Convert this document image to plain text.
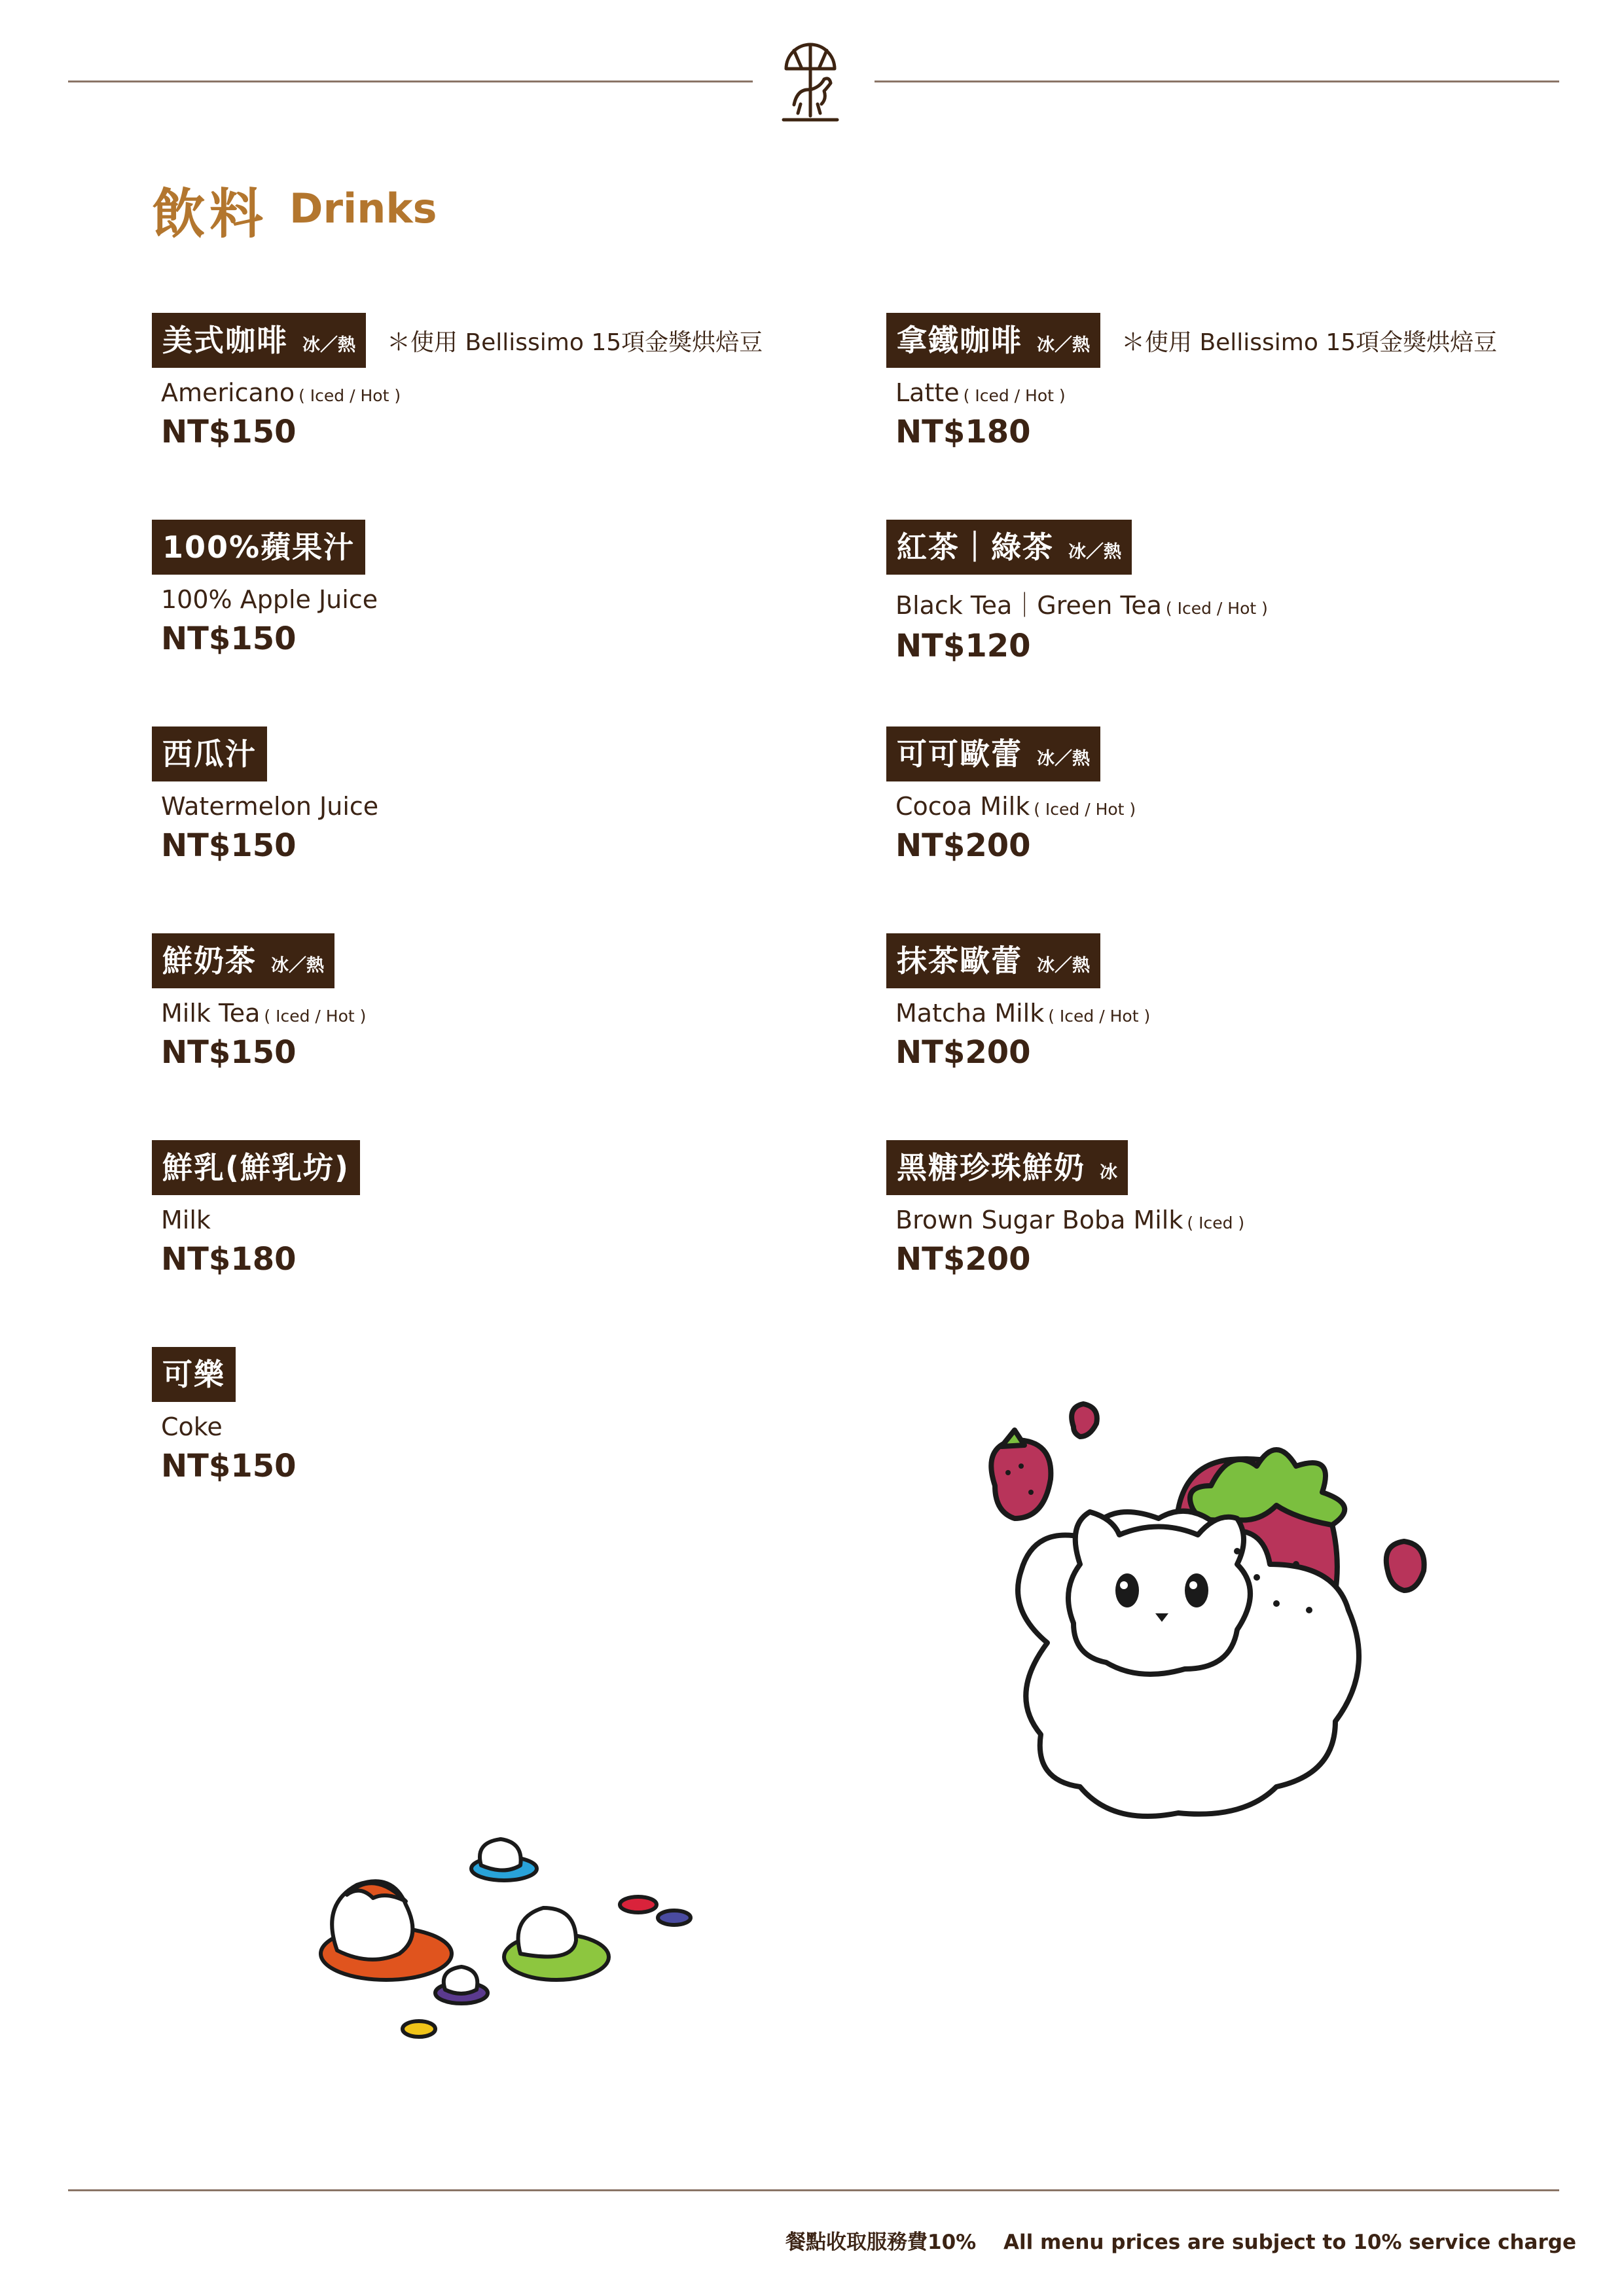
飲料 Drinks
美式咖啡 冰／熱 ＊使用 Bellissimo 15項金獎烘焙豆
Americano ( Iced / Hot )
NT$150
100%蘋果汁
100% Apple Juice
NT$150
西瓜汁
Watermelon Juice
NT$150
鮮奶茶 冰／熱
Milk Tea ( Iced / Hot )
NT$150
鮮乳(鮮乳坊)
Milk
NT$180
可樂
Coke
NT$150
拿鐵咖啡 冰／熱 ＊使用 Bellissimo 15項金獎烘焙豆
Latte ( Iced / Hot )
NT$180
紅茶｜綠茶 冰／熱
Black Tea｜Green Tea ( Iced / Hot )
NT$120
可可歐蕾 冰／熱
Cocoa Milk ( Iced / Hot )
NT$200
抹茶歐蕾 冰／熱
Matcha Milk ( Iced / Hot )
NT$200
黑糖珍珠鮮奶 冰
Brown Sugar Boba Milk ( Iced )
NT$200
餐點收取服務費10%　 All menu prices are subject to 10% service charge
